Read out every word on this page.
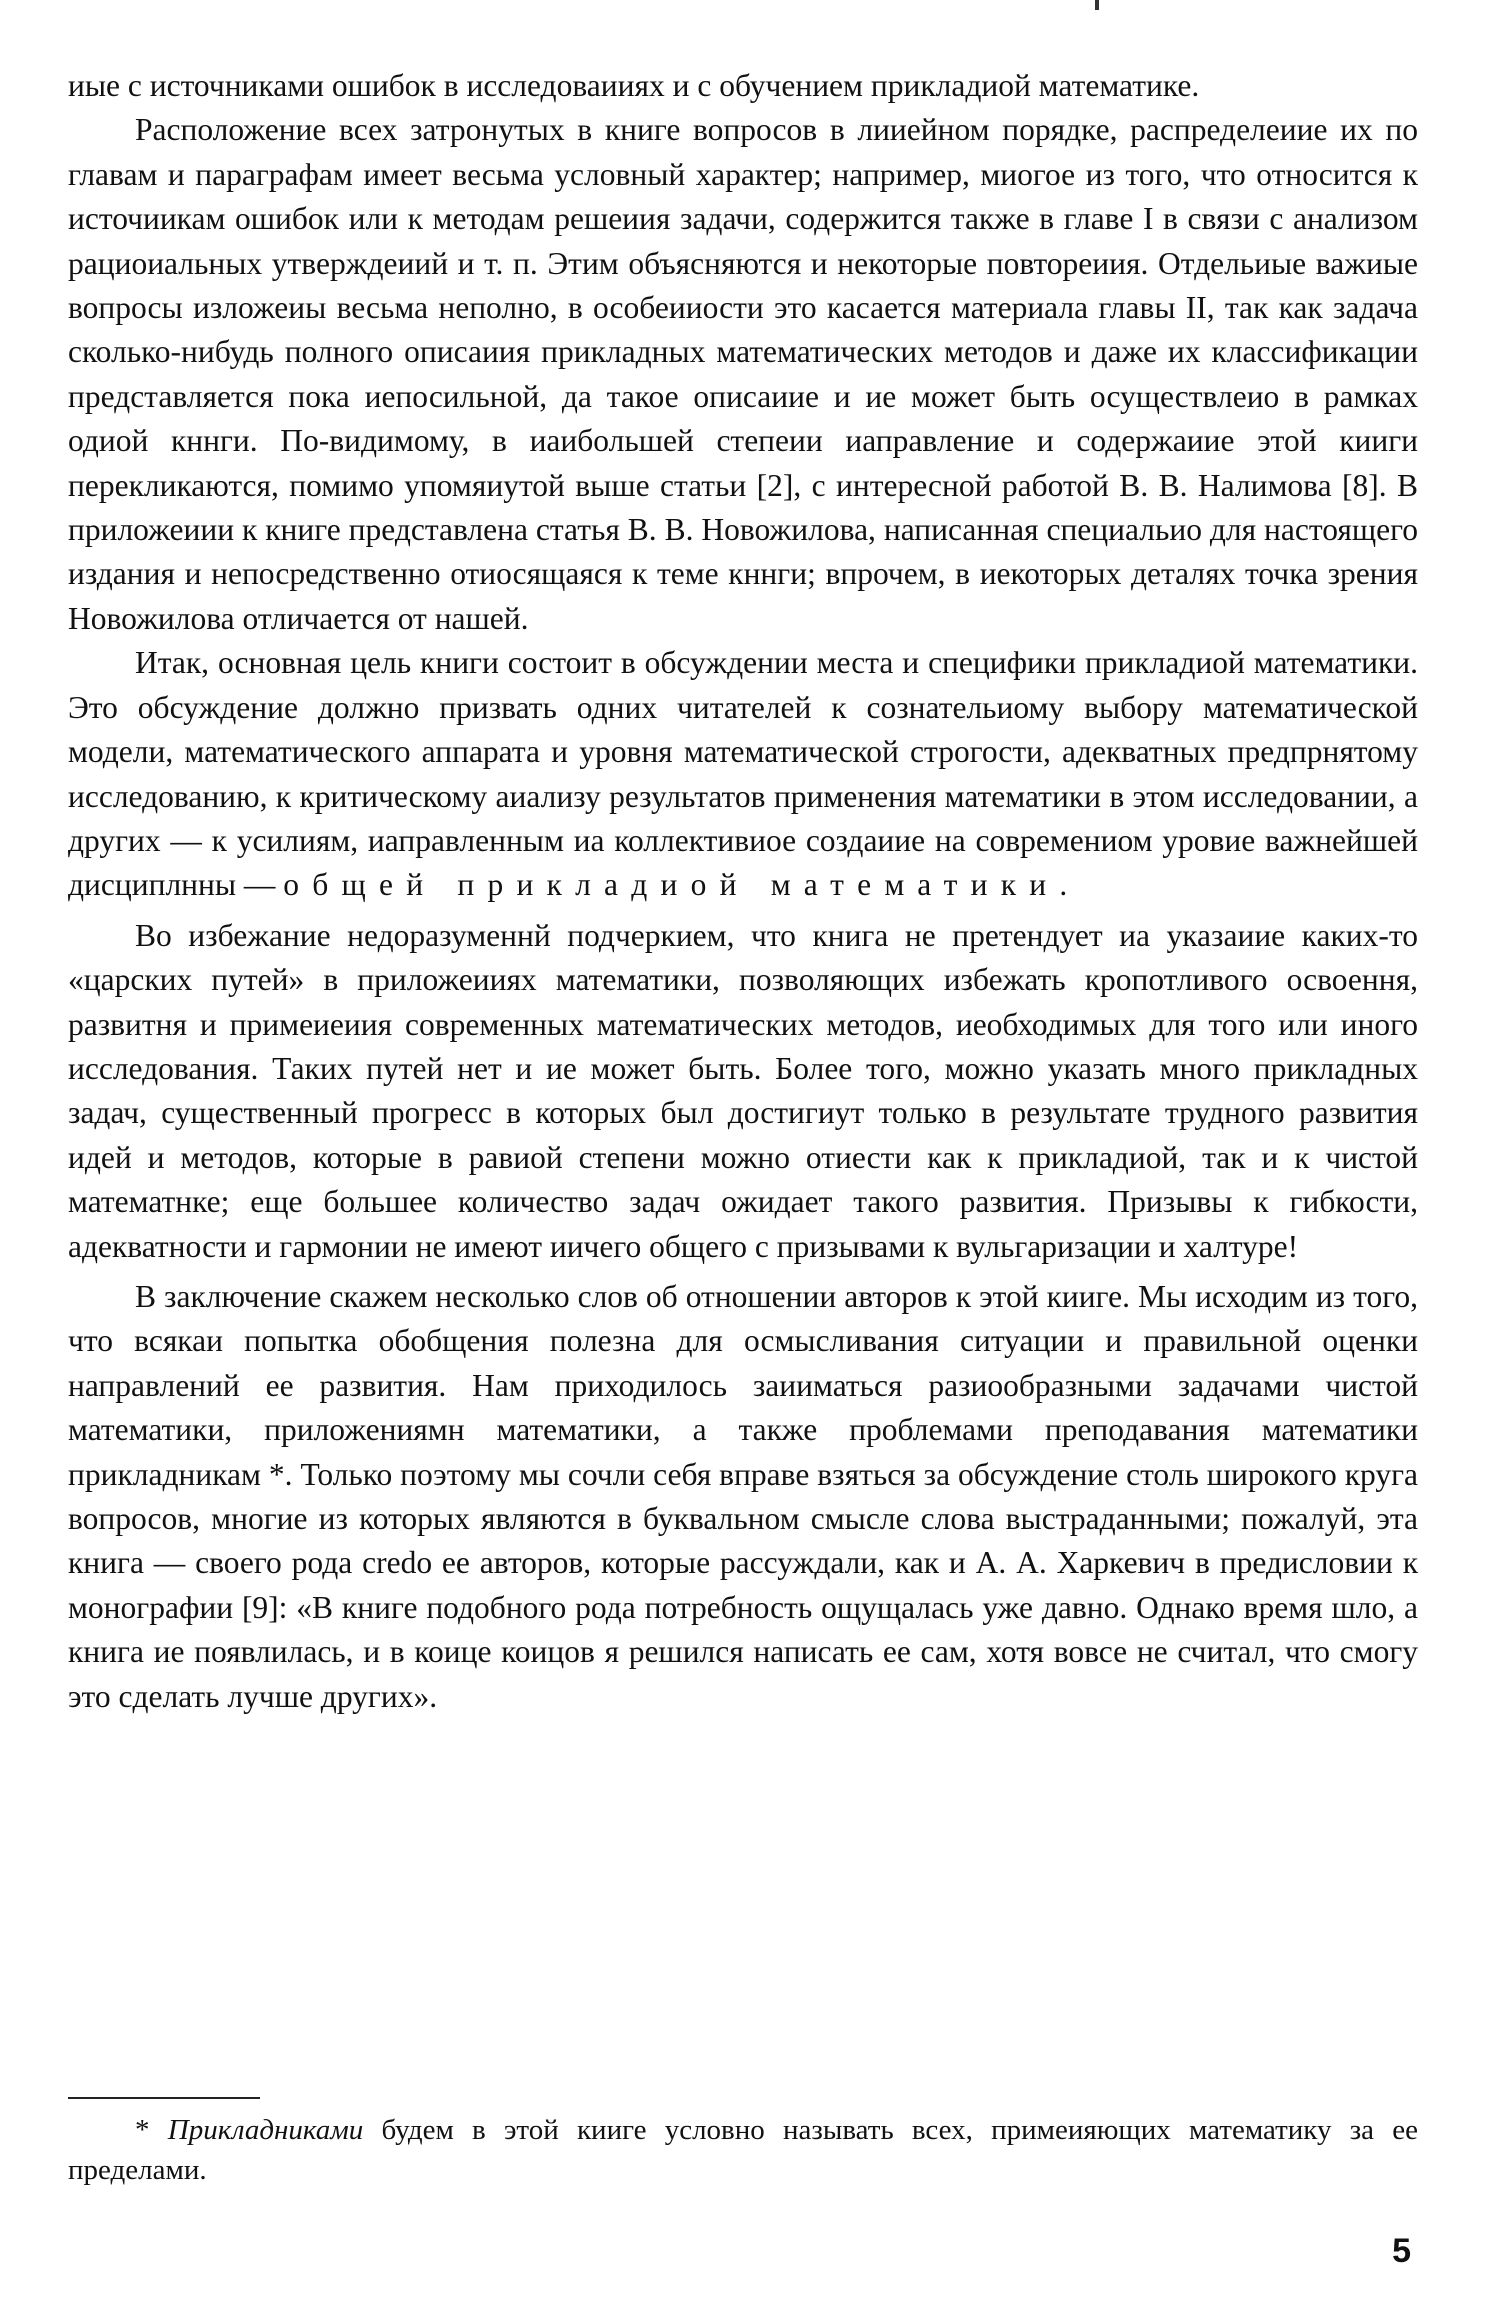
иые с источниками ошибок в исследоваииях и с обучением прикладиой математике.

Расположение всех затронутых в книге вопросов в лииейном порядке, распределеиие их по главам и параграфам имеет весьма условный характер; например, миогое из того, что относится к источиикам ошибок или к методам решеиия задачи, содержится также в главе I в связи с анализом рациоиальных утверждеиий и т. п. Этим объясняются и некоторые повтореиия. Отдельиые важиые вопросы изложеиы весьма неполно, в особеииости это касается материала главы II, так как задача сколько-нибудь полного описаиия прикладных математических методов и даже их классификации представляется пока иепосильной, да такое описаиие и ие может быть осуществлеио в рамках одиой кннги. По-видимому, в иаибольшей степеии иаправление и содержаиие этой кииги перекликаются, помимо упомяиутой выше статьи [2], с интересной работой В. В. Налимова [8]. В приложеиии к книге представлена статья В. В. Новожилова, написанная специальио для настоящего издания и непосредственно отиосящаяся к теме кннги; впрочем, в иекоторых деталях точка зрения Новожилова отличается от нашей.

Итак, основная цель книги состоит в обсуждении места и специфики прикладиой математики. Это обсуждение должно призвать одних читателей к сознательиому выбору математической модели, математического аппарата и уровня математической строгости, адекватных предпрнятому исследованию, к критическому аиализу результатов применения математики в этом исследовании, а других — к усилиям, иаправленным иа коллективиое создаиие на современиом уровие важнейшей дисциплнны — общей прикладиой математики.

Во избежание недоразуменнй подчеркием, что книга не претендует иа указаиие каких-то «царских путей» в приложеииях математики, позволяющих избежать кропотливого освоення, развитня и примеиеиия современных математических методов, иеобходимых для того или иного исследования. Таких путей нет и ие может быть. Более того, можно указать много прикладных задач, существенный прогресс в которых был достигиут только в результате трудного развития идей и методов, которые в равиой степени можно отиести как к прикладиой, так и к чистой математнке; еще большее количество задач ожидает такого развития. Призывы к гибкости, адекватности и гармонии не имеют иичего общего с призывами к вульгаризации и халтуре!

В заключение скажем несколько слов об отношении авторов к этой кииге. Мы исходим из того, что всякаи попытка обобщения полезна для осмысливания ситуации и правильной оценки направлений ее развития. Нам приходилось заииматься разиообразными задачами чистой математики, приложениямн математики, а также проблемами преподавания математики прикладникам *. Только поэтому мы сочли себя вправе взяться за обсуждение столь широкого круга вопросов, многие из которых являются в буквальном смысле слова выстраданными; пожалуй, эта книга — своего рода credo ее авторов, которые рассуждали, как и А. А. Харкевич в предисловии к монографии [9]: «В книге подобного рода потребность ощущалась уже давно. Однако время шло, а книга ие появлилась, и в коице коицов я решился написать ее сам, хотя вовсе не считал, что смогу это сделать лучше других».

* Прикладниками будем в этой кииге условно называть всех, примеияющих математику за ее пределами.

5
